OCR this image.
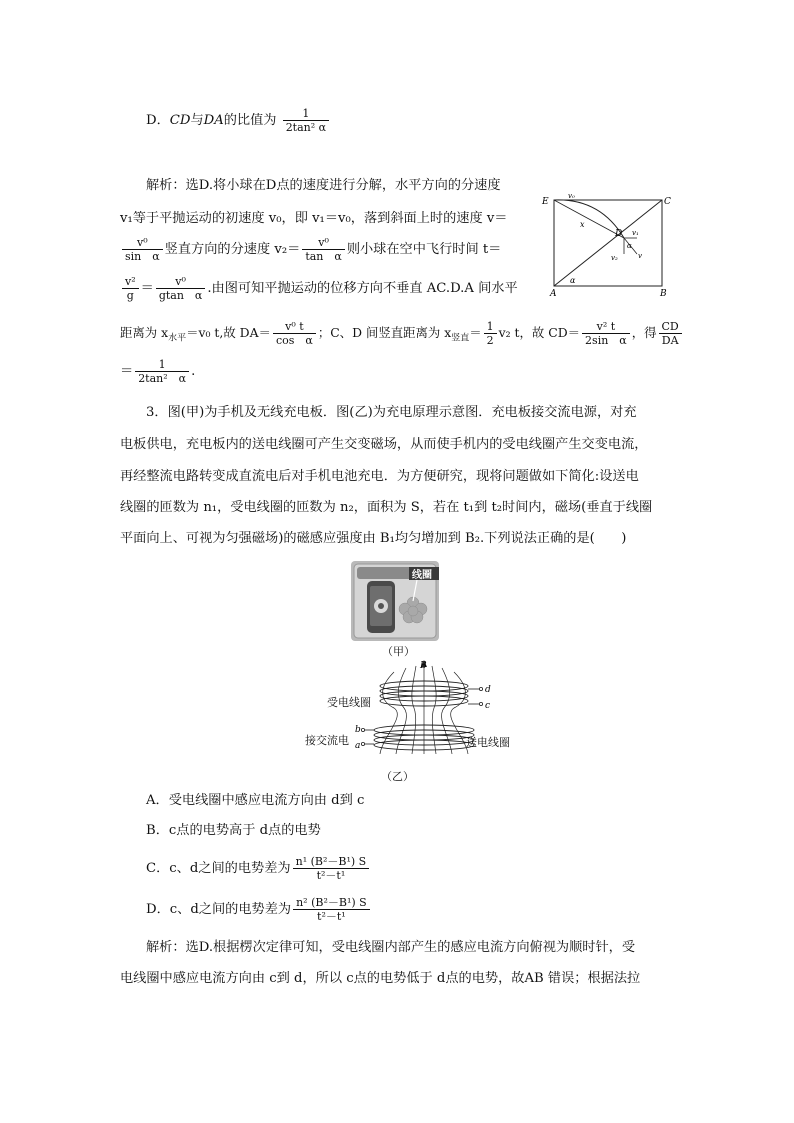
D．CD与DA的比值为 $\frac{1}{\text{2tan² α}}$
解析：选D.将小球在D点的速度进行分解，水平方向的分速度
v₁等于平抛运动的初速度 v₀，即 v₁＝v₀，落到斜面上时的速度 v＝
$\frac{\text{v⁰}}{\text{sin　α}}$ 竖直方向的分速度 $v_2= \frac{\text{v⁰}}{\text{tan　α}}$ 则小球在空中飞行时间 t＝
$\frac{\text{v²}}{g} = \frac{\text{v⁰}}{\text{gtan　α}}$ .由图可知平抛运动的位移方向不垂直 AC.D.A 间水平
距离为 $x_{水平}=v_0$ t,故 $DA= \frac{\text{v⁰ t}}{\text{cos　α}}$ ；C、D 间竖直距离为 $x_{竖直}= \frac{1}{2} v_2$ t，故 $CD= \frac{\text{v² t}}{\text{2sin　α}}$ ，得 $\frac{CD}{DA}$
＝ $\frac{1}{\text{2tan²　α}}$ .
E	C
D
A	B
x
v₀
v₁
v₂	v
α
α
3．图(甲)为手机及无线充电板．图(乙)为充电原理示意图．充电板接交流电源，对充
电板供电，充电板内的送电线圈可产生交变磁场，从而使手机内的受电线圈产生交变电流，
再经整流电路转变成直流电后对手机电池充电．为方便研究，现将问题做如下简化:设送电
线圈的匝数为 n₁，受电线圈的匝数为 n₂，面积为 S，若在 t₁到 t₂时间内，磁场(垂直于线圈
平面向上、可视为匀强磁场)的磁感应强度由 B₁均匀增加到 B₂.下列说法正确的是(　　)
线圈
（甲）
B
d
c
b
a
受电线圈
接交流电	送电线圈
（乙）
A．受电线圈中感应电流方向由 d到 c
B．c点的电势高于 d点的电势
C．c、d之间的电势差为 $\frac{\text{n¹ (B²－B¹) S}}{\text{t²－t¹}}$
D．c、d之间的电势差为 $\frac{\text{n² (B²－B¹) S}}{\text{t²－t¹}}$
解析：选D.根据楞次定律可知，受电线圈内部产生的感应电流方向俯视为顺时针，受
电线圈中感应电流方向由 c到 d，所以 c点的电势低于 d点的电势，故AB 错误；根据法拉
